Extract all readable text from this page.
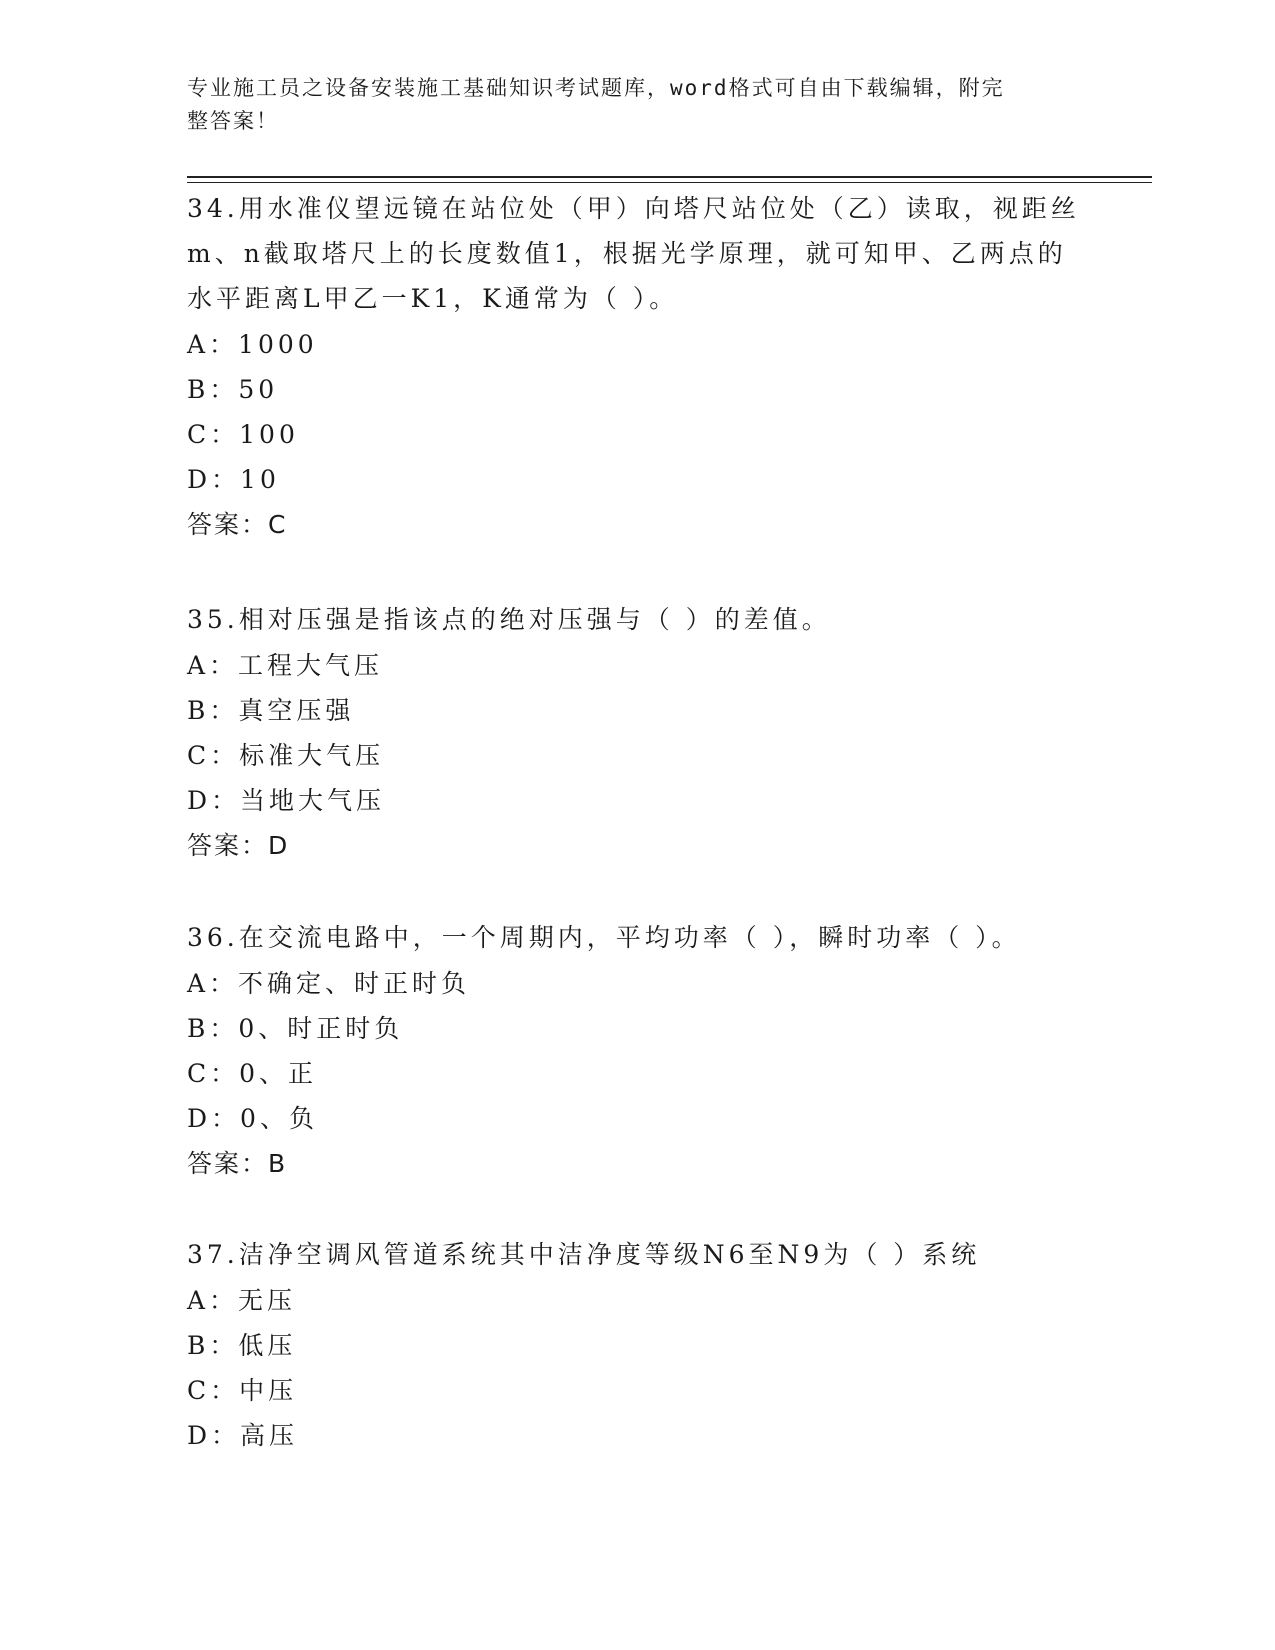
专业施工员之设备安装施工基础知识考试题库，word格式可自由下载编辑，附完
整答案！
34.用水准仪望远镜在站位处（甲）向塔尺站位处（乙）读取，视距丝
m、n截取塔尺上的长度数值1，根据光学原理，就可知甲、乙两点的
水平距离L甲乙一K1，K通常为（ ）。
A：1000
B：50
C：100
D：10
答案：C
35.相对压强是指该点的绝对压强与（ ）的差值。
A：工程大气压
B：真空压强
C：标准大气压
D：当地大气压
答案：D
36.在交流电路中，一个周期内，平均功率（ ），瞬时功率（ ）。
A：不确定、时正时负
B：0、时正时负
C：0、正
D：0、负
答案：B
37.洁净空调风管道系统其中洁净度等级N6至N9为（ ）系统
A：无压
B：低压
C：中压
D：高压
